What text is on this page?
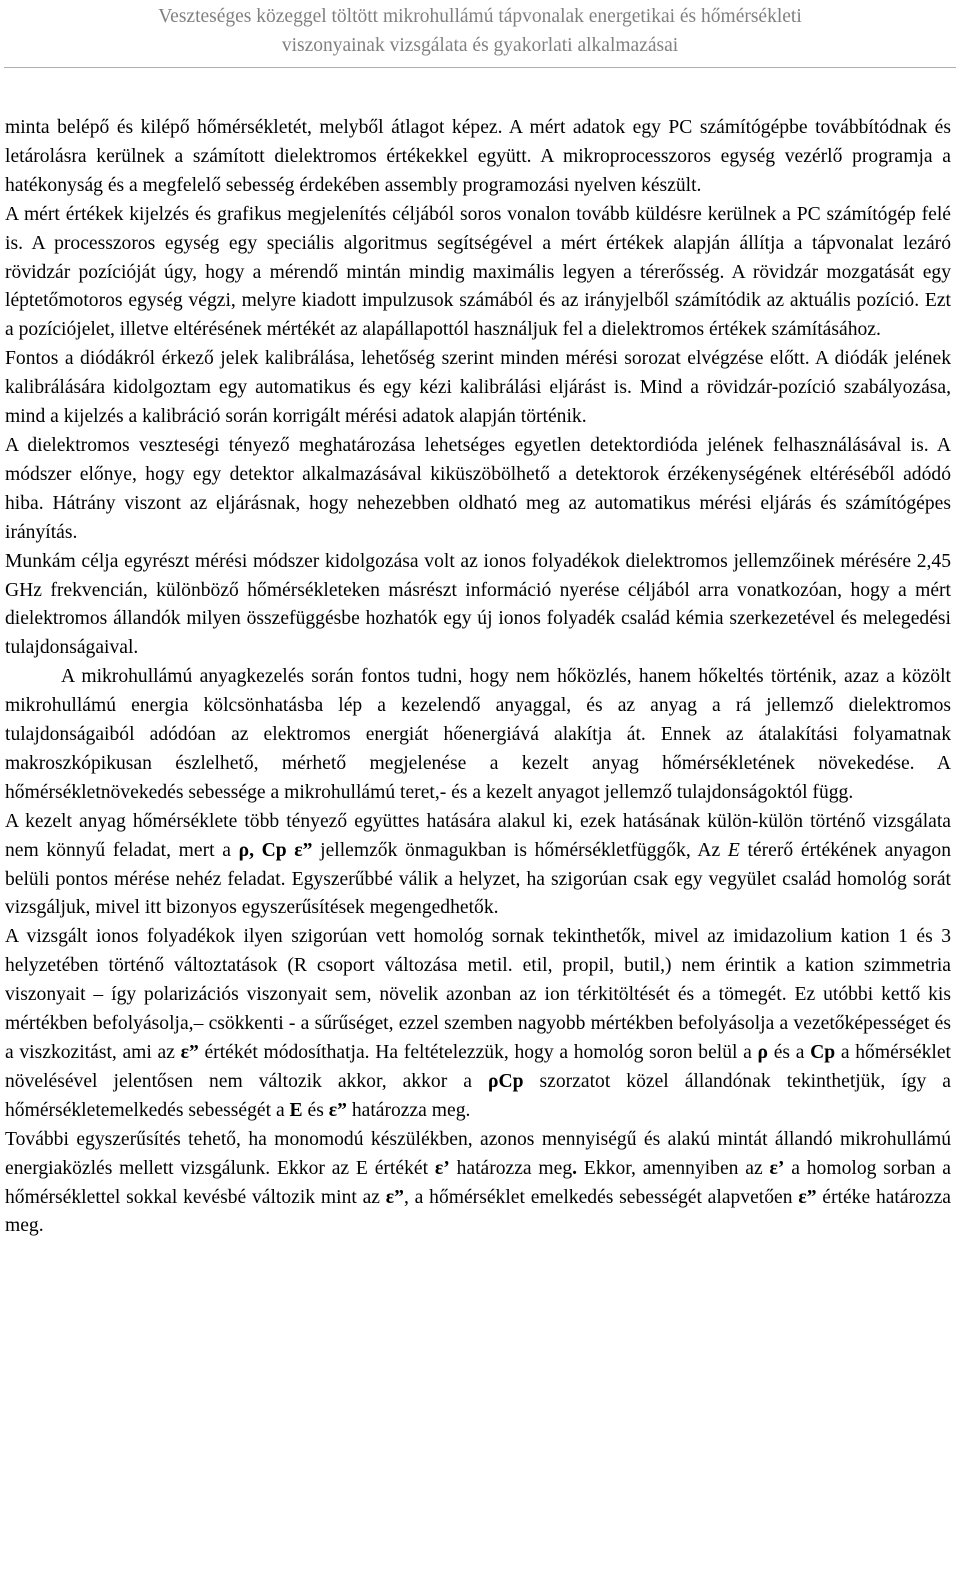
Veszteséges közeggel töltött mikrohullámú tápvonalak energetikai és hőmérsékleti
viszonyainak vizsgálata és gyakorlati alkalmazásai

minta belépő és kilépő hőmérsékletét, melyből átlagot képez. A mért adatok egy PC számítógépbe továbbítódnak és letárolásra kerülnek a számított dielektromos értékekkel együtt. A mikroprocesszoros egység vezérlő programja a hatékonyság és a megfelelő sebesség érdekében assembly programozási nyelven készült.

A mért értékek kijelzés és grafikus megjelenítés céljából soros vonalon tovább küldésre kerülnek a PC számítógép felé is. A processzoros egység egy speciális algoritmus segítségével a mért értékek alapján állítja a tápvonalat lezáró rövidzár pozícióját úgy, hogy a mérendő mintán mindig maximális legyen a térerősség. A rövidzár mozgatását egy léptetőmotoros egység végzi, melyre kiadott impulzusok számából és az irányjelből számítódik az aktuális pozíció. Ezt a pozíciójelet, illetve eltérésének mértékét az alapállapottól használjuk fel a dielektromos értékek számításához.

Fontos a diódákról érkező jelek kalibrálása, lehetőség szerint minden mérési sorozat elvégzése előtt. A diódák jelének kalibrálására kidolgoztam egy automatikus és egy kézi kalibrálási eljárást is. Mind a rövidzár-pozíció szabályozása, mind a kijelzés a kalibráció során korrigált mérési adatok alapján történik.

A dielektromos veszteségi tényező meghatározása lehetséges egyetlen detektordióda jelének felhasználásával is. A módszer előnye, hogy egy detektor alkalmazásával kiküszöbölhető a detektorok érzékenységének eltéréséből adódó hiba. Hátrány viszont az eljárásnak, hogy nehezebben oldható meg az automatikus mérési eljárás és számítógépes irányítás.

Munkám célja egyrészt mérési módszer kidolgozása volt az ionos folyadékok dielektromos jellemzőinek mérésére 2,45 GHz frekvencián, különböző hőmérsékleteken másrészt információ nyerése céljából arra vonatkozóan, hogy a mért dielektromos állandók milyen összefüggésbe hozhatók egy új ionos folyadék család kémia szerkezetével és melegedési tulajdonságaival.

A mikrohullámú anyagkezelés során fontos tudni, hogy nem hőközlés, hanem hőkeltés történik, azaz a közölt mikrohullámú energia kölcsönhatásba lép a kezelendő anyaggal, és az anyag a rá jellemző dielektromos tulajdonságaiból adódóan az elektromos energiát hőenergiává alakítja át. Ennek az átalakítási folyamatnak makroszkópikusan észlelhető, mérhető megjelenése a kezelt anyag hőmérsékletének növekedése. A hőmérsékletnövekedés sebessége a mikrohullámú teret,- és a kezelt anyagot jellemző tulajdonságoktól függ.

A kezelt anyag hőmérséklete több tényező együttes hatására alakul ki, ezek hatásának külön-külön történő vizsgálata nem könnyű feladat, mert a ρ, Cp ε” jellemzők önmagukban is hőmérsékletfüggők, Az E térerő értékének anyagon belüli pontos mérése nehéz feladat. Egyszerűbbé válik a helyzet, ha szigorúan csak egy vegyület család homológ sorát vizsgáljuk, mivel itt bizonyos egyszerűsítések megengedhetők.

A vizsgált ionos folyadékok ilyen szigorúan vett homológ sornak tekinthetők, mivel az imidazolium kation 1 és 3 helyzetében történő változtatások (R csoport változása metil. etil, propil, butil,) nem érintik a kation szimmetria viszonyait – így polarizációs viszonyait sem, növelik azonban az ion térkitöltését és a tömegét. Ez utóbbi kettő kis mértékben befolyásolja,– csökkenti - a sűrűséget, ezzel szemben nagyobb mértékben befolyásolja a vezetőképességet és a viszkozitást, ami az ε” értékét módosíthatja. Ha feltételezzük, hogy a homológ soron belül a ρ és a Cp a hőmérséklet növelésével jelentősen nem változik akkor, akkor a ρCp szorzatot közel állandónak tekinthetjük, így a hőmérsékletemelkedés sebességét a E és ε” határozza meg.

További egyszerűsítés tehető, ha monomodú készülékben, azonos mennyiségű és alakú mintát állandó mikrohullámú energiaközlés mellett vizsgálunk. Ekkor az E értékét ε’ határozza meg. Ekkor, amennyiben az ε’ a homolog sorban a hőmérséklettel sokkal kevésbé változik mint az ε”, a hőmérséklet emelkedés sebességét alapvetően ε” értéke határozza meg.
